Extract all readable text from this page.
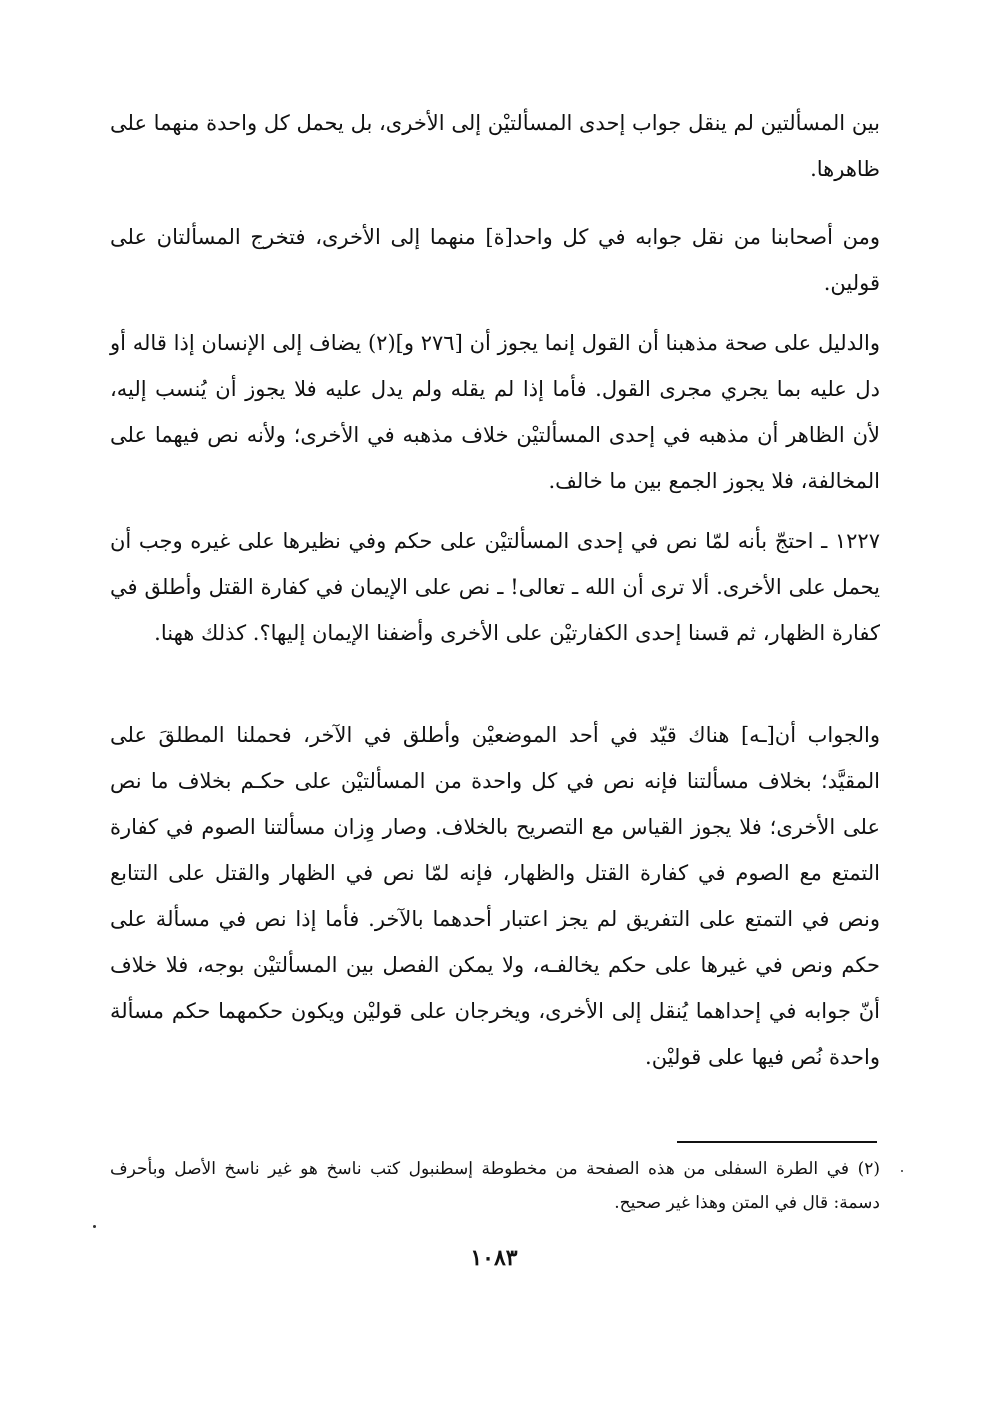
بين المسألتين لم ينقل جواب إحدى المسألتيْن إلى الأخرى، بل يحمل كل واحدة منهما على ظاهرها.

ومن أصحابنا من نقل جوابه في كل واحد[ة] منهما إلى الأخرى، فتخرج المسألتان على قولين.

والدليل على صحة مذهبنا أن القول إنما يجوز أن [٢٧٦ و](٢) يضاف إلى الإنسان إذا قاله أو دل عليه بما يجري مجرى القول. فأما إذا لم يقله ولم يدل عليه فلا يجوز أن يُنسب إليه، لأن الظاهر أن مذهبه في إحدى المسألتيْن خلاف مذهبه في الأخرى؛ ولأنه نص فيهما على المخالفة، فلا يجوز الجمع بين ما خالف.

١٢٢٧ ـ احتجّ بأنه لمّا نص في إحدى المسألتيْن على حكم وفي نظيرها على غيره وجب أن يحمل على الأخرى. ألا ترى أن الله ـ تعالى! ـ نص على الإيمان في كفارة القتل وأطلق في كفارة الظهار، ثم قسنا إحدى الكفارتيْن على الأخرى وأضفنا الإيمان إليها؟. كذلك ههنا.

والجواب أن[ـه] هناك قيّد في أحد الموضعيْن وأطلق في الآخر، فحملنا المطلقَ على المقيَّد؛ بخلاف مسألتنا فإنه نص في كل واحدة من المسألتيْن على حكـم بخلاف ما نص على الأخرى؛ فلا يجوز القياس مع التصريح بالخلاف. وصار وِزان مسألتنا الصوم في كفارة التمتع مع الصوم في كفارة القتل والظهار، فإنه لمّا نص في الظهار والقتل على التتابع ونص في التمتع على التفريق لم يجز اعتبار أحدهما بالآخر. فأما إذا نص في مسألة على حكم ونص في غيرها على حكم يخالفـه، ولا يمكن الفصل بين المسألتيْن بوجه، فلا خلاف أنّ جوابه في إحداهما يُنقل إلى الأخرى، ويخرجان على قوليْن ويكون حكمهما حكم مسألة واحدة نُص فيها على قوليْن.

(٢) في الطرة السفلى من هذه الصفحة من مخطوطة إسطنبول كتب ناسخ هو غير ناسخ الأصل وبأحرف دسمة: قال في المتن وهذا غير صحيح.

١٠٨٣
